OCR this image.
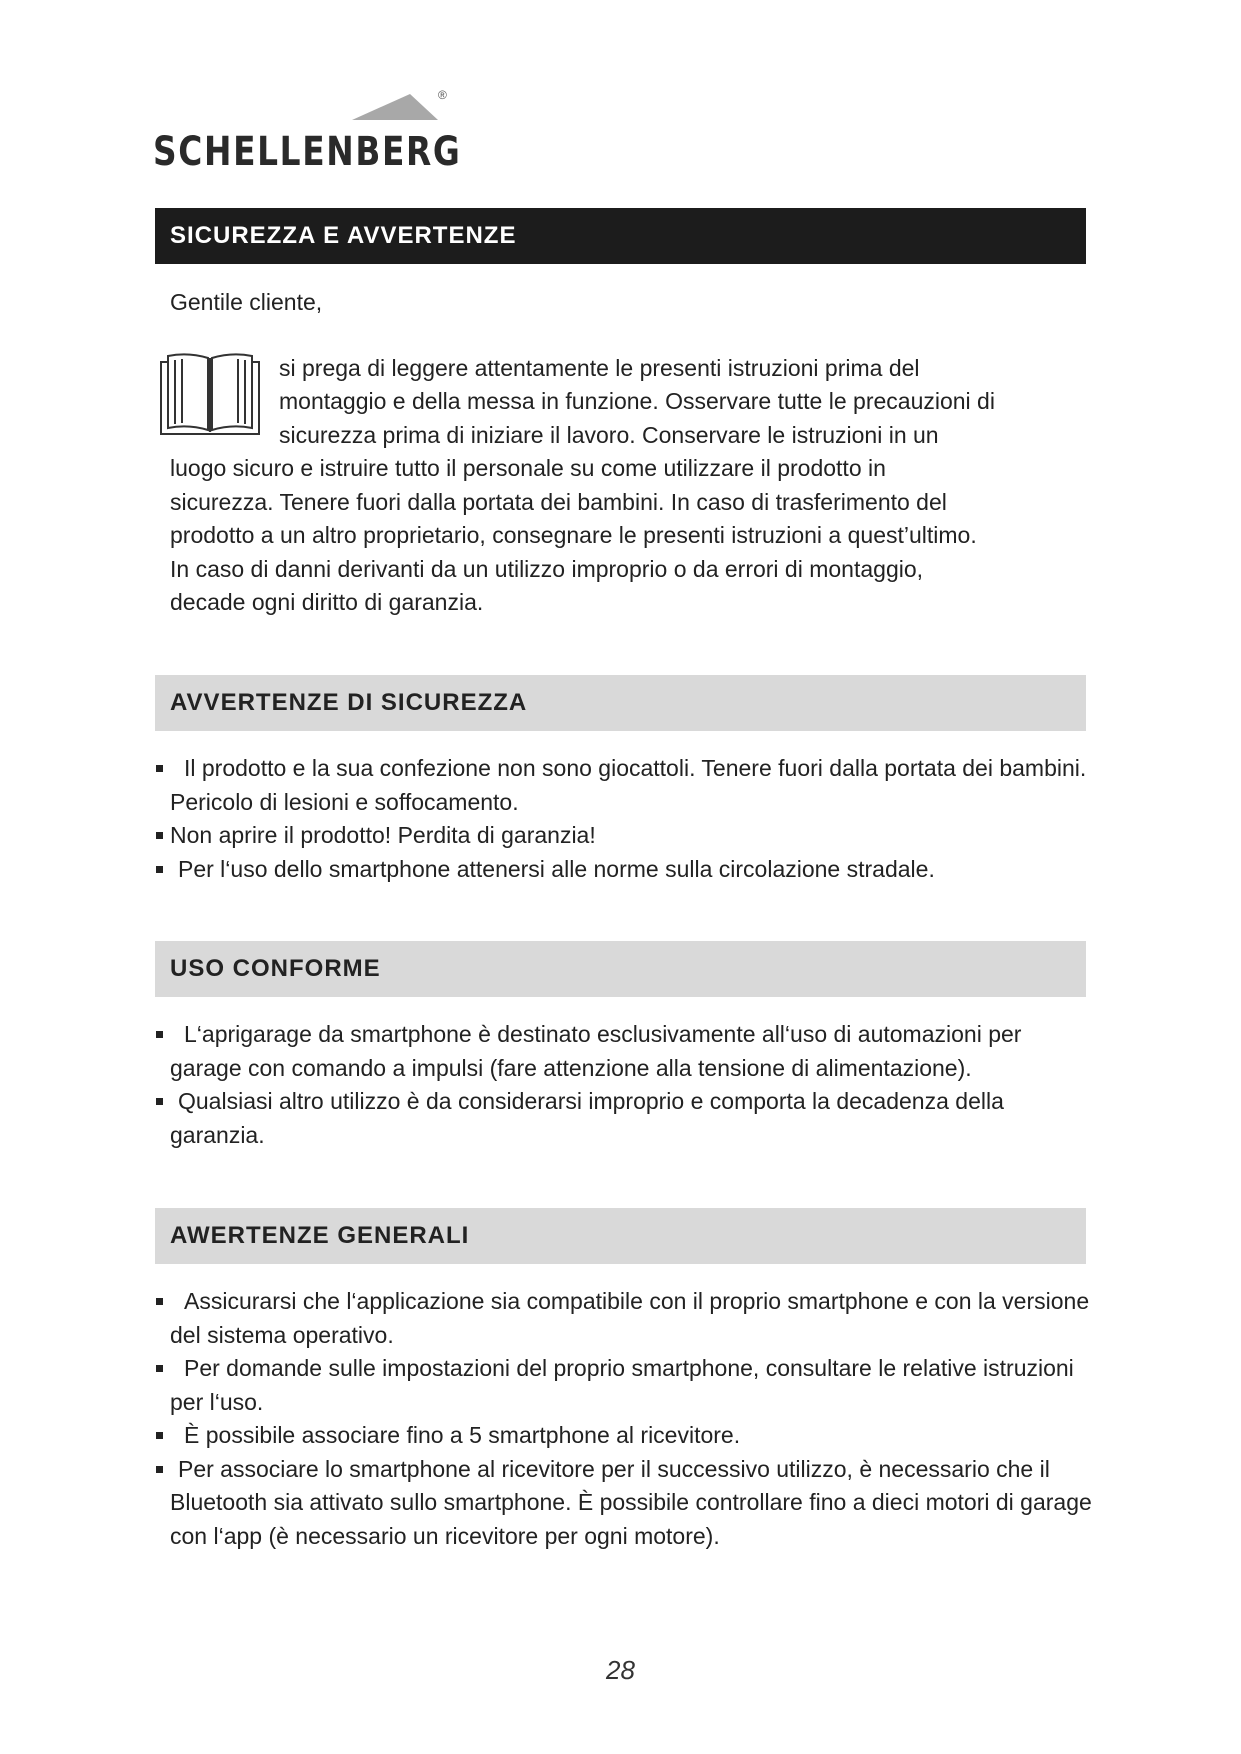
®
SCHELLENBERG
SICUREZZA E AVVERTENZE

Gentile cliente,

si prega di leggere attentamente le presenti istruzioni prima del

montaggio e della messa in funzione. Osservare tutte le precauzioni di

sicurezza prima di iniziare il lavoro. Conservare le istruzioni in un

luogo sicuro e istruire tutto il personale su come utilizzare il prodotto in

sicurezza. Tenere fuori dalla portata dei bambini. In caso di trasferimento del

prodotto a un altro proprietario, consegnare le presenti istruzioni a quest’ultimo.

In caso di danni derivanti da un utilizzo improprio o da errori di montaggio,

decade ogni diritto di garanzia.

AVVERTENZE DI SICUREZZA
Il prodotto e la sua confezione non sono giocattoli. Tenere fuori dalla portata dei bambini. Pericolo di lesioni e soffocamento.
Non aprire il prodotto! Perdita di garanzia!
Per l‘uso dello smartphone attenersi alle norme sulla circolazione stradale.
USO CONFORME
L‘aprigarage da smartphone è destinato esclusivamente all‘uso di automazioni per garage con comando a impulsi (fare attenzione alla tensione di alimentazione).
Qualsiasi altro utilizzo è da considerarsi improprio e comporta la decadenza della garanzia.
AWERTENZE GENERALI
Assicurarsi che l‘applicazione sia compatibile con il proprio smartphone e con la versione del sistema operativo.
Per domande sulle impostazioni del proprio smartphone, consultare le relative istruzioni per l‘uso.
È possibile associare fino a 5 smartphone al ricevitore.
Per associare lo smartphone al ricevitore per il successivo utilizzo, è necessario che il Bluetooth sia attivato sullo smartphone. È possibile controllare fino a dieci motori di garage con l‘app (è necessario un ricevitore per ogni motore).
28
